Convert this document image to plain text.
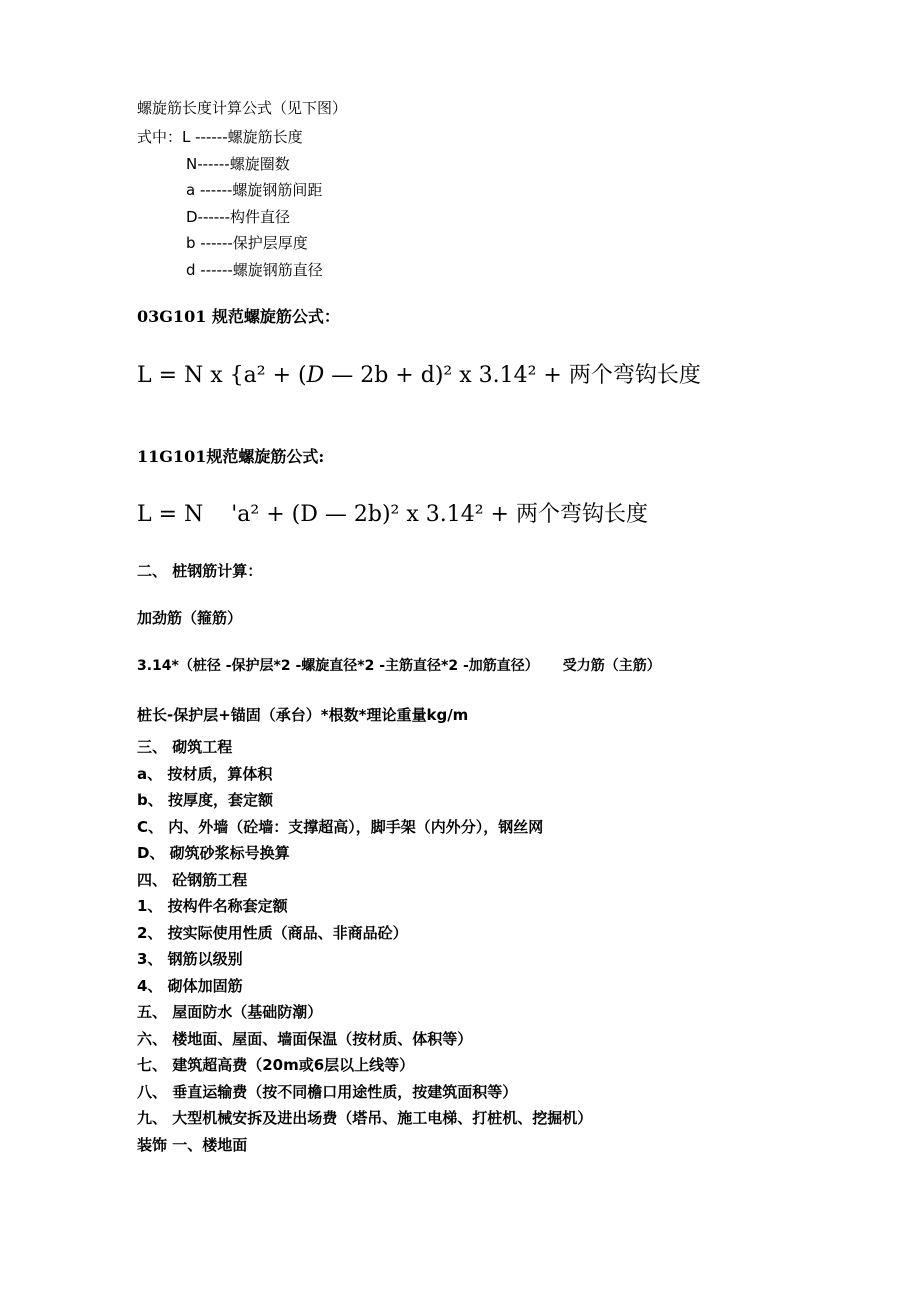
螺旋筋长度计算公式（见下图）
式中：L ------螺旋筋长度
N------螺旋圈数
a ------螺旋钢筋间距
D------构件直径
b ------保护层厚度
d ------螺旋钢筋直径
03G101 规范螺旋筋公式：
L = N x {a² + (D — 2b + d)² x 3.14² + 两个弯钩长度
11G101规范螺旋筋公式:
L = N    'a² + (D — 2b)² x 3.14² + 两个弯钩长度
二、 桩钢筋计算：
加劲筋（箍筋）
3.14*（桩径 -保护层*2 -螺旋直径*2 -主筋直径*2 -加筋直径） 受力筋（主筋）
桩长-保护层+锚固（承台）*根数*理论重量kg/m
三、 砌筑工程
a、 按材质，算体积
b、 按厚度，套定额
C、 内、外墙（砼墙：支撑超高），脚手架（内外分），钢丝网
D、 砌筑砂浆标号换算
四、 砼钢筋工程
1、 按构件名称套定额
2、 按实际使用性质（商品、非商品砼）
3、 钢筋以级别
4、 砌体加固筋
五、 屋面防水（基础防潮）
六、 楼地面、屋面、墙面保温（按材质、体积等）
七、 建筑超高费（20m或6层以上线等）
八、 垂直运输费（按不同檐口用途性质，按建筑面积等）
九、 大型机械安拆及进出场费（塔吊、施工电梯、打桩机、挖掘机）
装饰 一、楼地面
